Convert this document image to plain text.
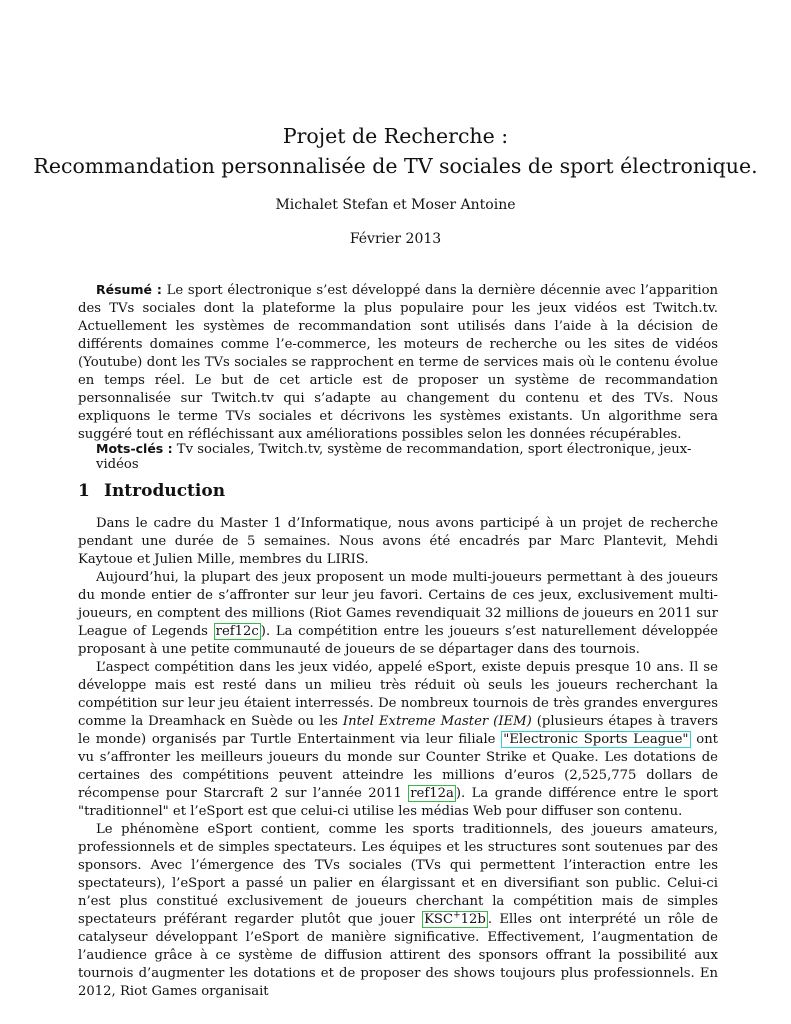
Projet de Recherche :
Recommandation personnalisée de TV sociales de sport électronique.
Michalet Stefan et Moser Antoine
Février 2013
Résumé : Le sport électronique s’est développé dans la dernière décennie avec l’apparition des TVs sociales dont la plateforme la plus populaire pour les jeux vidéos est Twitch.tv. Actuellement les systèmes de recommandation sont utilisés dans l’aide à la décision de différents domaines comme l’e-commerce, les moteurs de recherche ou les sites de vidéos (Youtube) dont les TVs sociales se rapprochent en terme de services mais où le contenu évolue en temps réel. Le but de cet article est de proposer un système de recommandation personnalisée sur Twitch.tv qui s’adapte au changement du contenu et des TVs. Nous expliquons le terme TVs sociales et décrivons les systèmes existants. Un algorithme sera suggéré tout en réfléchissant aux améliorations possibles selon les données récupérables.
Mots-clés : Tv sociales, Twitch.tv, système de recommandation, sport électronique, jeux-vidéos
1 Introduction

Dans le cadre du Master 1 d’Informatique, nous avons participé à un projet de recherche pendant une durée de 5 semaines. Nous avons été encadrés par Marc Plantevit, Mehdi Kaytoue et Julien Mille, membres du LIRIS.

Aujourd’hui, la plupart des jeux proposent un mode multi-joueurs permettant à des joueurs du monde entier de s’affronter sur leur jeu favori. Certains de ces jeux, exclusivement multi-joueurs, en comptent des millions (Riot Games revendiquait 32 millions de joueurs en 2011 sur League of Legends ref12c ). La compétition entre les joueurs s’est naturellement développée proposant à une petite communauté de joueurs de se départager dans des tournois.

L’aspect compétition dans les jeux vidéo, appelé eSport, existe depuis presque 10 ans. Il se développe mais est resté dans un milieu très réduit où seuls les joueurs recherchant la compétition sur leur jeu étaient interressés. De nombreux tournois de très grandes envergures comme la Dreamhack en Suède ou les Intel Extreme Master (IEM) (plusieurs étapes à travers le monde) organisés par Turtle Entertainment via leur filiale "Electronic Sports League" ont vu s’affronter les meilleurs joueurs du monde sur Counter Strike et Quake. Les dotations de certaines des compétitions peuvent atteindre les millions d’euros (2,525,775 dollars de récompense pour Starcraft 2 sur l’année 2011 ref12a ). La grande différence entre le sport "traditionnel" et l’eSport est que celui-ci utilise les médias Web pour diffuser son contenu.

Le phénomène eSport contient, comme les sports traditionnels, des joueurs amateurs, professionnels et de simples spectateurs. Les équipes et les structures sont soutenues par des sponsors. Avec l’émergence des TVs sociales (TVs qui permettent l’interaction entre les spectateurs), l’eSport a passé un palier en élargissant et en diversifiant son public. Celui-ci n’est plus constitué exclusivement de joueurs cherchant la compétition mais de simples spectateurs préférant regarder plutôt que jouer KSC+12b . Elles ont interprété un rôle de catalyseur développant l’eSport de manière significative. Effectivement, l’augmentation de l’audience grâce à ce système de diffusion attirent des sponsors offrant la possibilité aux tournois d’augmenter les dotations et de proposer des shows toujours plus professionnels. En 2012, Riot Games organisait
